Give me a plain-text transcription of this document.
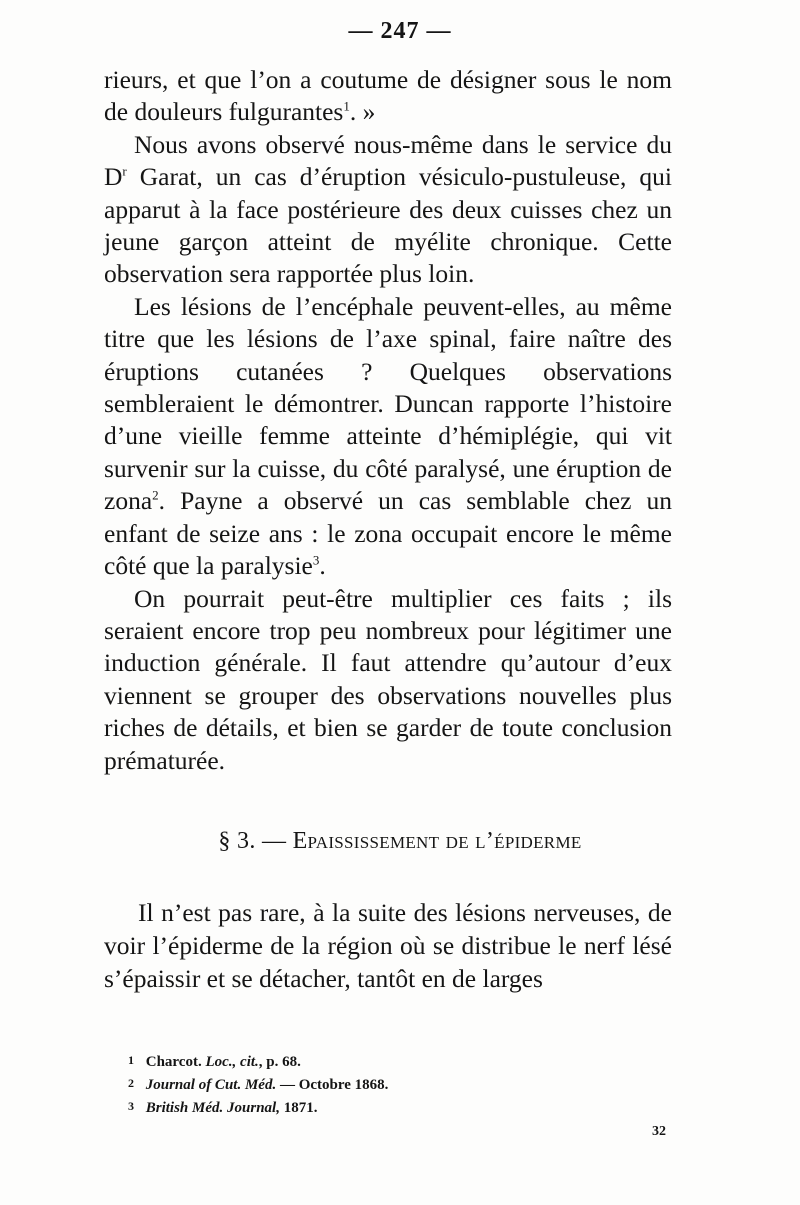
— 247 —

rieurs, et que l’on a coutume de désigner sous le nom de douleurs fulgurantes$^1$. »

Nous avons observé nous-même dans le service du $D^r$ Garat, un cas d’éruption vésiculo-pustuleuse, qui apparut à la face postérieure des deux cuisses chez un jeune garçon atteint de myélite chronique. Cette observation sera rapportée plus loin.

Les lésions de l’encéphale peuvent-elles, au même titre que les lésions de l’axe spinal, faire naître des éruptions cutanées ? Quelques observations sembleraient le démontrer. Duncan rapporte l’histoire d’une vieille femme atteinte d’hémiplégie, qui vit survenir sur la cuisse, du côté paralysé, une éruption de zona$^2$. Payne a observé un cas semblable chez un enfant de seize ans : le zona occupait encore le même côté que la paralysie$^3$.

On pourrait peut-être multiplier ces faits ; ils seraient encore trop peu nombreux pour légitimer une induction générale. Il faut attendre qu’autour d’eux viennent se grouper des observations nouvelles plus riches de détails, et bien se garder de toute conclusion prématurée.

§ 3. — Epaississement de l’épiderme

Il n’est pas rare, à la suite des lésions nerveuses, de voir l’épiderme de la région où se distribue le nerf lésé s’épaissir et se détacher, tantôt en de larges

1 Charcot. Loc., cit., p. 68.
2 Journal of Cut. Méd. — Octobre 1868.
3 British Méd. Journal, 1871.
32
